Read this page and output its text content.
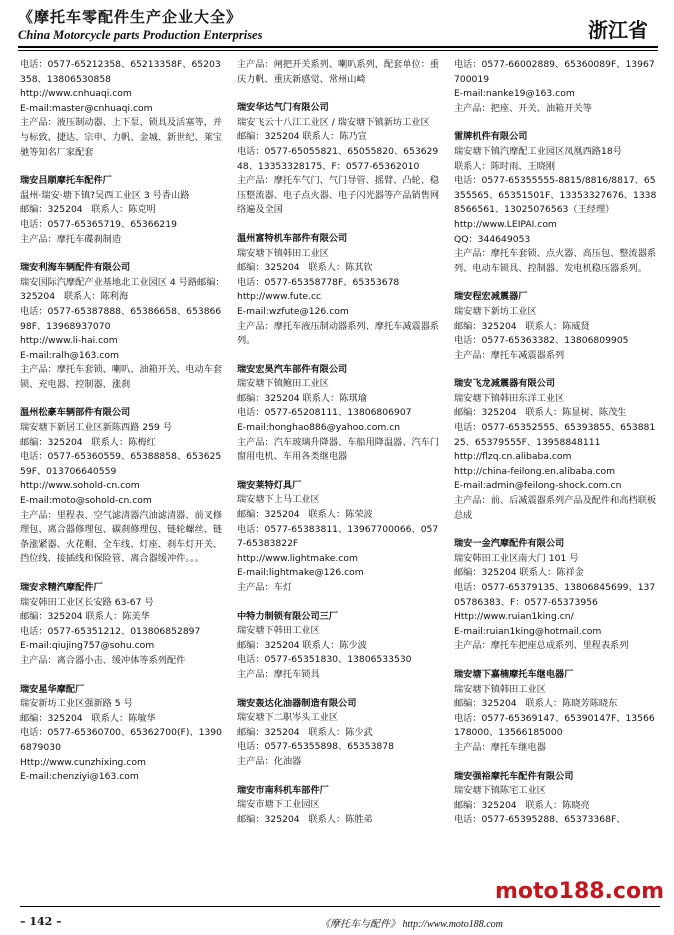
《摩托车零配件生产企业大全》
China Motorcycle parts Production Enterprises	浙江省
电话：0577-65212358、65213358F、65203358、13806530858
http://www.cnhuaqi.com
E-mail:master@cnhuaqi.com
主产品：液压制动器、上下泵、锁具及活塞等，并与标致、捷达、宗申、力帆、金城、新世纪、莱宝驰等知名厂家配套
瑞安吕顺摩托车配件厂
温州·瑞安·塘下镇?吴西工业区 3 号香山路
邮编：325204   联系人：陈克明
电话：0577-65365719、65366219
主产品：摩托车碟刹制造
瑞安利海车辆配件有限公司
瑞安国际汽摩配产业基地北工业园区 4 号路邮编：325204   联系人：陈利海
电话：0577-65387888、65386658、65386698F、13968937070
http://www.li-hai.com
E-mail:ralh@163.com
主产品：摩托车套锁、喇叭、油箱开关、电动车套锁、充电器、控制器、涨刹
温州松豪车辆部件有限公司
瑞安塘下新居工业区新陈西路 259 号
邮编：325204   联系人：陈梅红
电话：0577-65360559、65388858、65362559F、013706640559
http://www.sohold-cn.com
E-mail:moto@sohold-cn.com
主产品：里程表、空气滤清器汽油滤清器、前叉修理包、离合器修理包、碳刹修理包、链轮螺丝、链条涨紧器、火花帽、全车线、灯座、刹车灯开关、挡位线、接插线和保险管、离合器缓冲件。。。
瑞安求精汽摩配件厂
瑞安韩田工业区长安路 63-67 号
邮编：325204 联系人：陈美华
电话：0577-65351212、013806852897
E-mail:qiujing757@sohu.com
主产品：离合器小击、缓冲体等系列配件
瑞安星华摩配厂
瑞安新坊工业区强新路 5 号
邮编：325204   联系人：陈敏华
电话：0577-65360700、65362700(F)、13906879030
Http://www.cunzhixing.com
E-mail:chenziyi@163.com
主产品：闸把开关系列、喇叭系列，配套单位：重庆力帆、重庆新感觉、常州山崎
瑞安华达气门有限公司
瑞安飞云十八江工业区 / 瑞安塘下镇新坊工业区
邮编：325204 联系人：陈乃宣
电话：0577-65055821、65055820、65362948、13353328175、F：0577-65362010
主产品：摩托车气门、气门导管、摇臂、凸轮、稳压整流器、电子点火器、电子闪光器等产品销售网络遍及全国
温州富特机车部件有限公司
瑞安塘下镇韩田工业区
邮编：325204   联系人：陈其钦
电话：0577-65358778F、65353678
http://www.fute.cc
E-mail:wzfute@126.com
主产品：摩托车液压制动器系列、摩托车减震器系列。
瑞安宏昊汽车部件有限公司
瑞安塘下镇鲍田工业区
邮编：325204 联系人：陈琪瑜
电话：0577-65208111、13806806907
E-mail:honghao886@yahoo.com.cn
主产品：汽车玻璃升降器、车船用降温器、汽车门窗用电机、车用各类继电器
瑞安莱特灯具厂
瑞安塘下上马工业区
邮编：325204   联系人：陈荣波
电话：0577-65383811、13967700066、0577-65383822F
http://www.lightmake.com
E-mail:lightmake@126.com
主产品：车灯
中特力制锁有限公司三厂
瑞安塘下韩田工业区
邮编：325204 联系人：陈少波
电话：0577-65351830、13806533530
主产品：摩托车锁具
瑞安轰达化油器制造有限公司
瑞安塘下二职岑头工业区
邮编：325204   联系人：陈少武
电话：0577-65355898、65353878
主产品：化油器
瑞安市南科机车部件厂
瑞安市塘下工业园区
邮编：325204   联系人：陈胜弟
电话：0577-66002889、65360089F、13967700019
E-mail:nanke19@163.com
主产品：把座、开关、油箱开关等
雷牌机件有限公司
瑞安塘下镇汽摩配工业园区凤凰西路18号
联系人：陈时雨、王晓刚
电话：0577-65355555-8815/8816/8817、65355565、65351501F、13353327676、13388566561、13025076563（王经理）
http://www.LEIPAI.com
QQ：344649053
主产品：摩托车套锁、点火器、高压包、整流器系列、电动车锁具、控制器、发电机稳压器系列。
瑞安程宏减震器厂
瑞安塘下新坊工业区
邮编：325204   联系人：陈威贤
电话：0577-65363382、13806809905
主产品：摩托车减震器系列
瑞安飞龙减震器有限公司
瑞安塘下镇韩田东洋工业区
邮编：325204   联系人：陈显树、陈茂生
电话：0577-65352555、65393855、65388125、65379555F、13958848111
http://flzq.cn.alibaba.com
http://china-feilong.en.alibaba.com
E-mail:admin@feilong-shock.com.cn
主产品：前、后减震器系列产品及配件和高档联板总成
瑞安一金汽摩配件有限公司
瑞安韩田工业区南大门 101 号
邮编：325204 联系人：陈祥金
电话：0577-65379135、13806845699、13705786383、F：0577-65373956
Http://www.ruian1king.cn/
E-mail:ruian1king@hotmail.com
主产品：摩托车把座总成系列、里程表系列
瑞安塘下嘉楠摩托车继电器厂
瑞安塘下镇韩田工业区
邮编：325204   联系人：陈晓芳陈晓东
电话：0577-65369147、65390147F、13566178000、13566185000
主产品：摩托车继电器
瑞安强裕摩托车配件有限公司
瑞安塘下镇陈宅工业区
邮编：325204   联系人：陈晓亮
电话：0577-65395288、65373368F、
– 142 –	《摩托车与配件》 http://www.moto188.com
moto188.com
